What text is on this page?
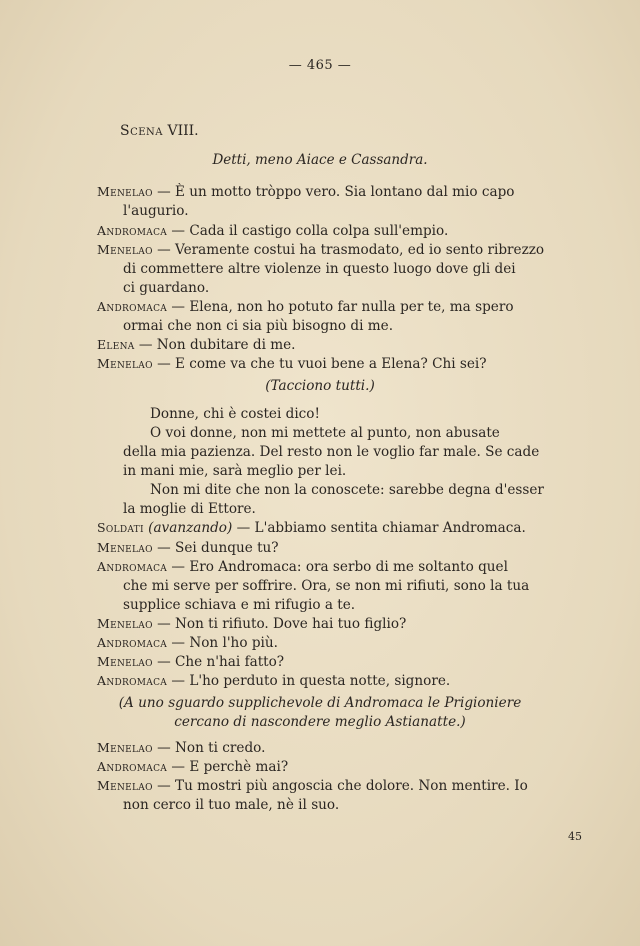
— 465 —
Scena VIII.
Detti, meno Aiace e Cassandra.
Menelao — È un motto tròppo vero. Sia lontano dal mio capo
l'augurio.
Andromaca — Cada il castigo colla colpa sull'empio.
Menelao — Veramente costui ha trasmodato, ed io sento ribrezzo
di commettere altre violenze in questo luogo dove gli dei
ci guardano.
Andromaca — Elena, non ho potuto far nulla per te, ma spero
ormai che non ci sia più bisogno di me.
Elena — Non dubitare di me.
Menelao — E come va che tu vuoi bene a Elena? Chi sei?
(Tacciono tutti.)
Donne, chi è costei dico!
O voi donne, non mi mettete al punto, non abusate
della mia pazienza. Del resto non le voglio far male. Se cade
in mani mie, sarà meglio per lei.
Non mi dite che non la conoscete: sarebbe degna d'esser
la moglie di Ettore.
Soldati (avanzando) — L'abbiamo sentita chiamar Andromaca.
Menelao — Sei dunque tu?
Andromaca — Ero Andromaca: ora serbo di me soltanto quel
che mi serve per soffrire. Ora, se non mi rifiuti, sono la tua
supplice schiava e mi rifugio a te.
Menelao — Non ti rifiuto. Dove hai tuo figlio?
Andromaca — Non l'ho più.
Menelao — Che n'hai fatto?
Andromaca — L'ho perduto in questa notte, signore.
(A uno sguardo supplichevole di Andromaca le Prigioniere
cercano di nascondere meglio Astianatte.)
Menelao — Non ti credo.
Andromaca — E perchè mai?
Menelao — Tu mostri più angoscia che dolore. Non mentire. Io
non cerco il tuo male, nè il suo.
45
